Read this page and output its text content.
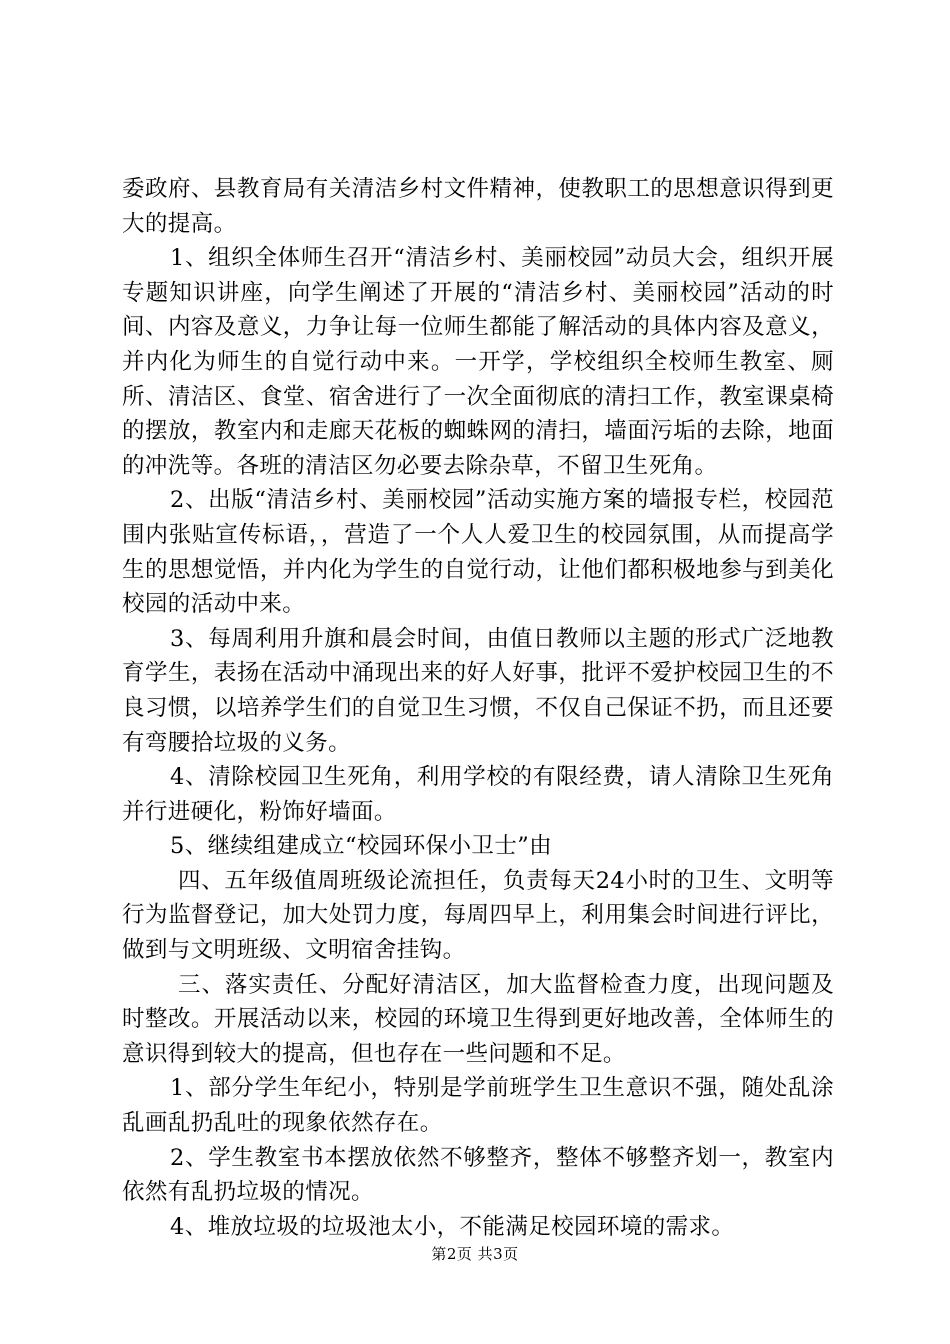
委政府、县教育局有关清洁乡村文件精神，使教职工的思想意识得到更大的提高。

1、组织全体师生召开“清洁乡村、美丽校园”动员大会，组织开展专题知识讲座，向学生阐述了开展的“清洁乡村、美丽校园”活动的时间、内容及意义，力争让每一位师生都能了解活动的具体内容及意义，并内化为师生的自觉行动中来。一开学，学校组织全校师生教室、厕所、清洁区、食堂、宿舍进行了一次全面彻底的清扫工作，教室课桌椅的摆放，教室内和走廊天花板的蜘蛛网的清扫，墙面污垢的去除，地面的冲洗等。各班的清洁区勿必要去除杂草，不留卫生死角。

2、出版“清洁乡村、美丽校园”活动实施方案的墙报专栏，校园范围内张贴宣传标语，，营造了一个人人爱卫生的校园氛围，从而提高学生的思想觉悟，并内化为学生的自觉行动，让他们都积极地参与到美化校园的活动中来。

3、每周利用升旗和晨会时间，由值日教师以主题的形式广泛地教育学生，表扬在活动中涌现出来的好人好事，批评不爱护校园卫生的不良习惯，以培养学生们的自觉卫生习惯，不仅自己保证不扔，而且还要有弯腰拾垃圾的义务。

4、清除校园卫生死角，利用学校的有限经费，请人清除卫生死角并行进硬化，粉饰好墙面。

5、继续组建成立“校园环保小卫士”由

四、五年级值周班级论流担任，负责每天24小时的卫生、文明等行为监督登记，加大处罚力度，每周四早上，利用集会时间进行评比，做到与文明班级、文明宿舍挂钩。

三、落实责任、分配好清洁区，加大监督检查力度，出现问题及时整改。开展活动以来，校园的环境卫生得到更好地改善，全体师生的意识得到较大的提高，但也存在一些问题和不足。

1、部分学生年纪小，特别是学前班学生卫生意识不强，随处乱涂乱画乱扔乱吐的现象依然存在。

2、学生教室书本摆放依然不够整齐，整体不够整齐划一，教室内依然有乱扔垃圾的情况。

4、堆放垃圾的垃圾池太小，不能满足校园环境的需求。

第2页 共3页
